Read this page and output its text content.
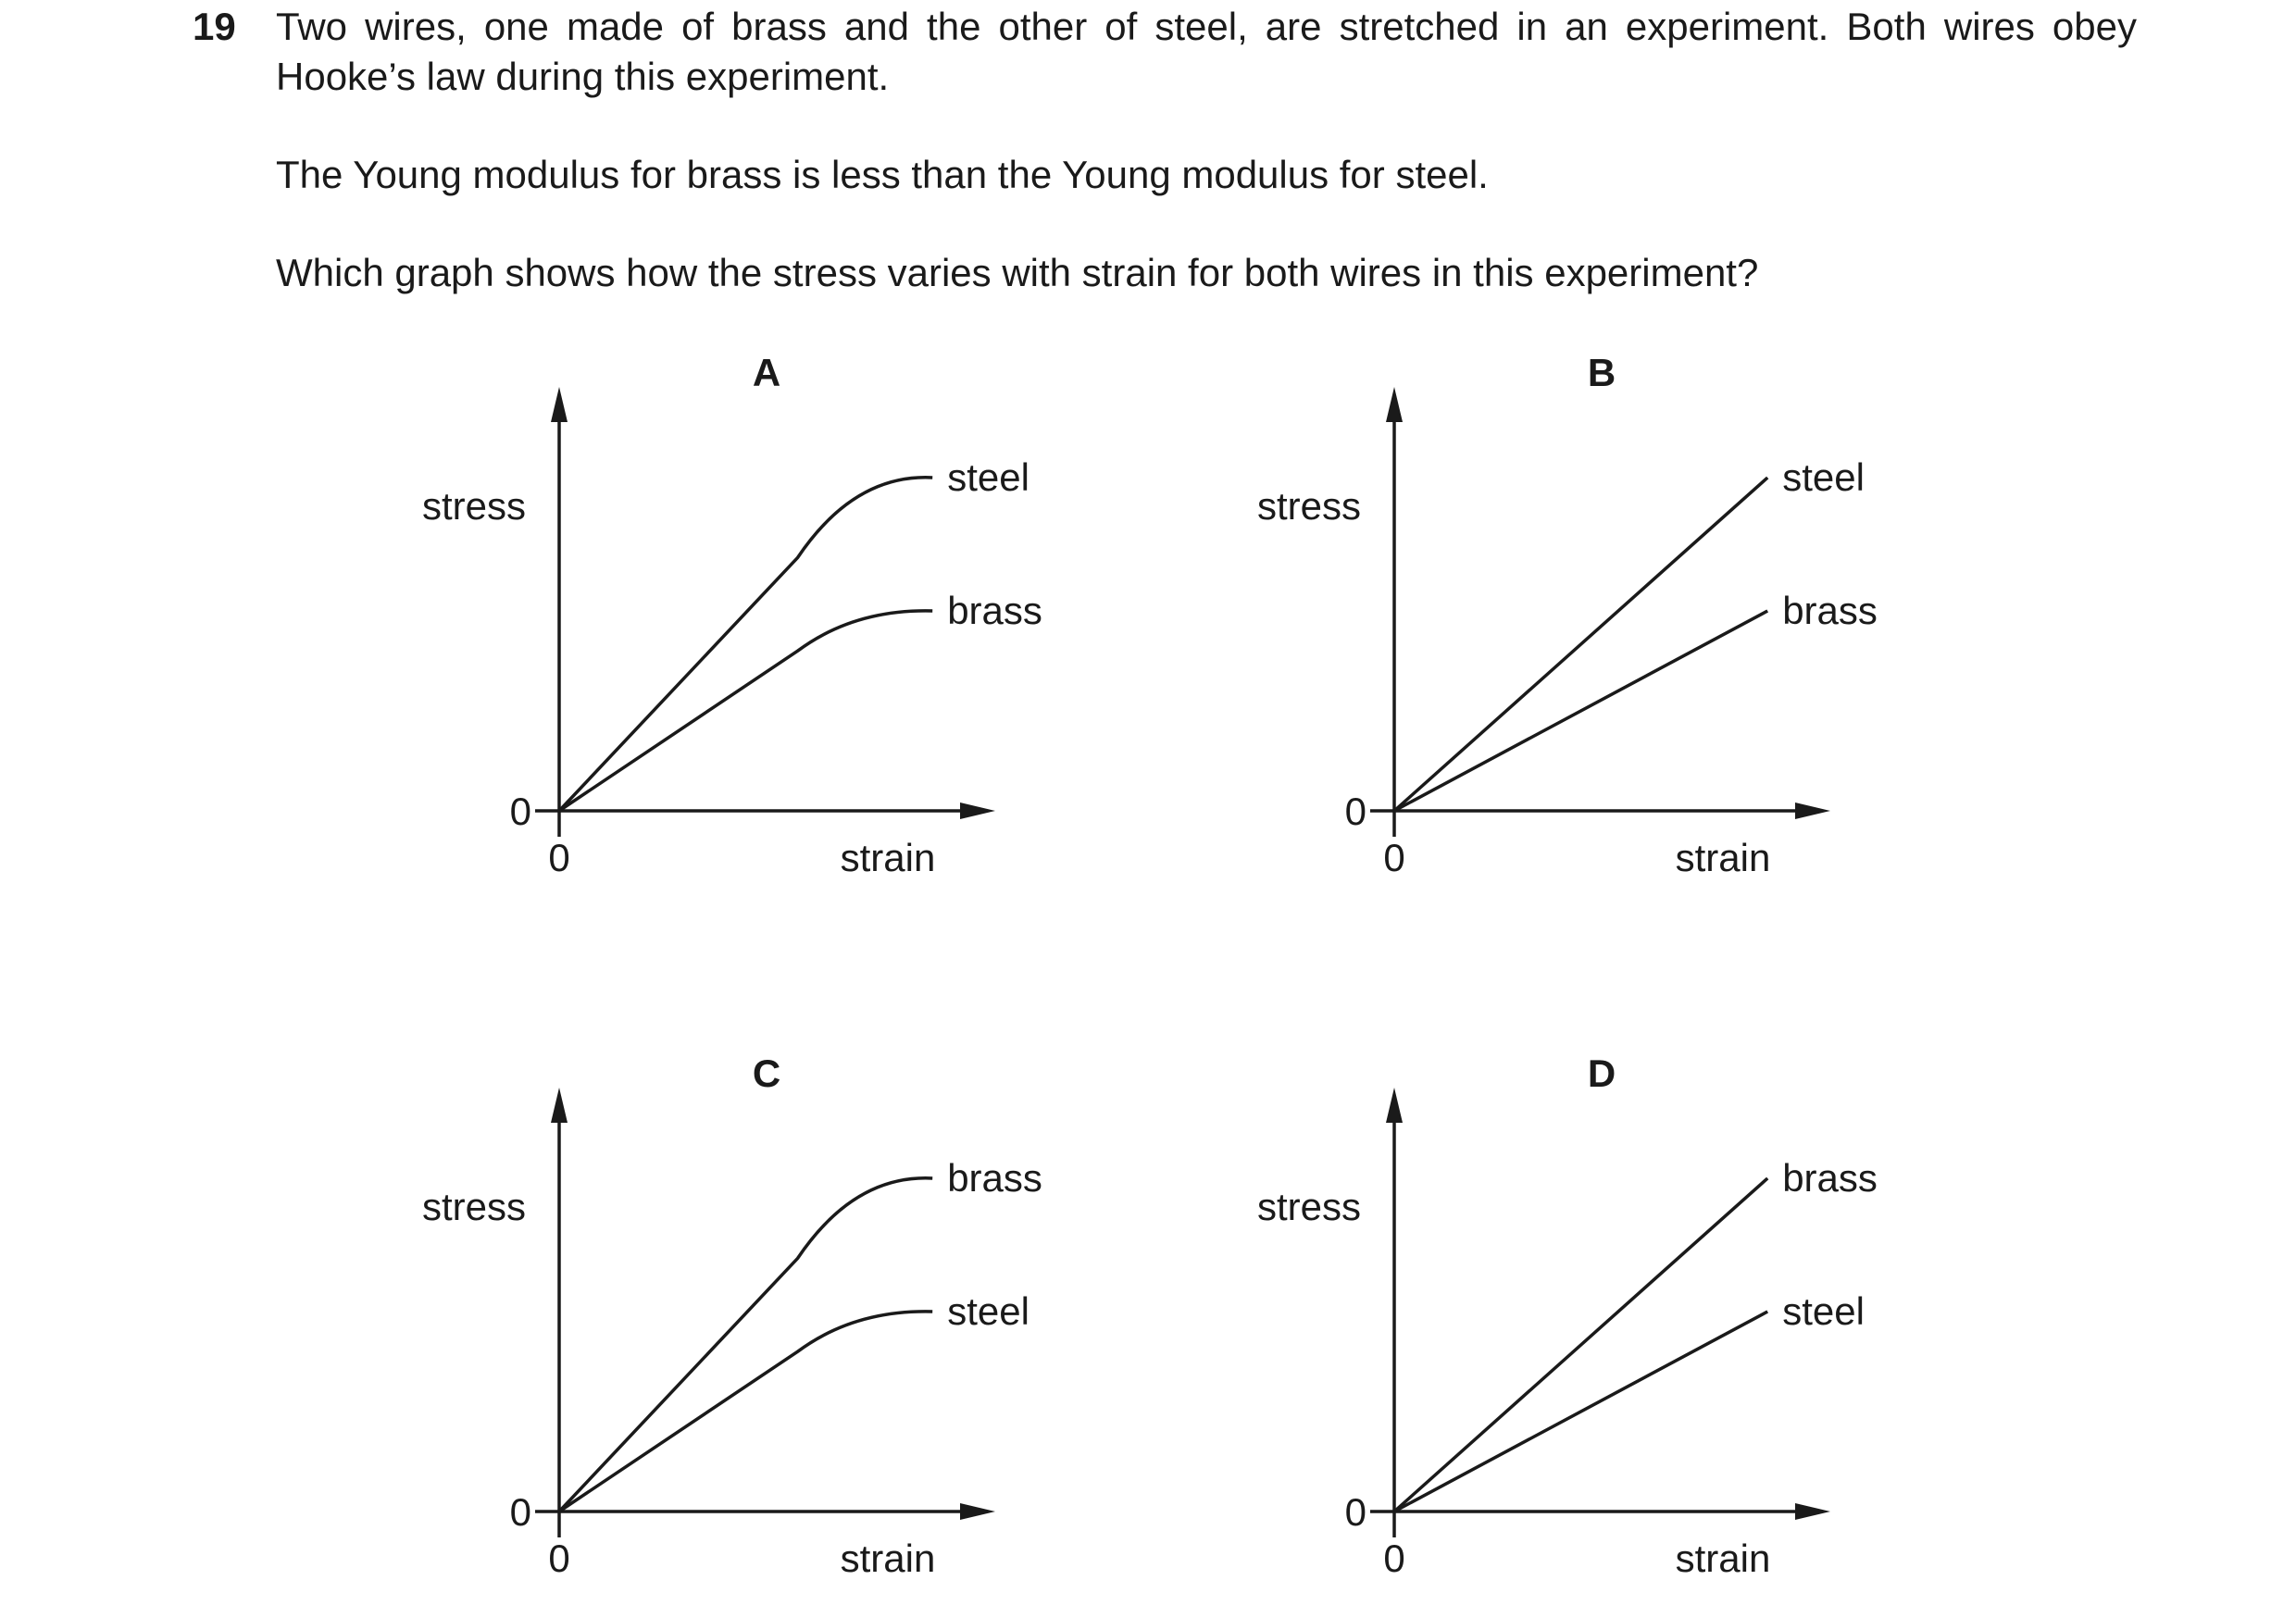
19 Two wires, one made of brass and the other of steel, are stretched in an experiment. Both wires obey Hooke’s law during this experiment.

The Young modulus for brass is less than the Young modulus for steel.

Which graph shows how the stress varies with strain for both wires in this experiment?

A
0
0	strain
stress
steel
brass
B
0
0	strain
stress
steel
brass
C
0
0	strain
stress
brass
steel
D
0
0	strain
stress
brass
steel
